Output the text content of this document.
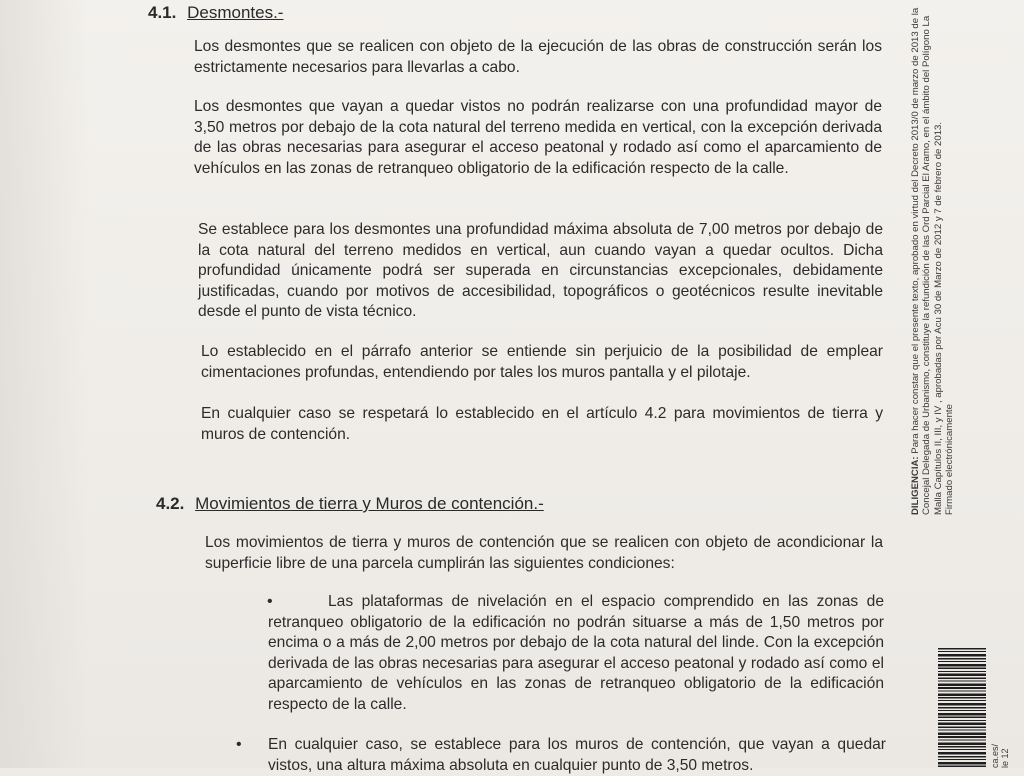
4.1. Desmontes.-
Los desmontes que se realicen con objeto de la ejecución de las obras de construcción serán los estrictamente necesarios para llevarlas a cabo.
Los desmontes que vayan a quedar vistos no podrán realizarse con una profundidad mayor de 3,50 metros por debajo de la cota natural del terreno medida en vertical, con la excepción derivada de las obras necesarias para asegurar el acceso peatonal y rodado así como el aparcamiento de vehículos en las zonas de retranqueo obligatorio de la edificación respecto de la calle.
Se establece para los desmontes una profundidad máxima absoluta de 7,00 metros por debajo de la cota natural del terreno medidos en vertical, aun cuando vayan a quedar ocultos. Dicha profundidad únicamente podrá ser superada en circunstancias excepcionales, debidamente justificadas, cuando por motivos de accesibilidad, topográficos o geotécnicos resulte inevitable desde el punto de vista técnico.
Lo establecido en el párrafo anterior se entiende sin perjuicio de la posibilidad de emplear cimentaciones profundas, entendiendo por tales los muros pantalla y el pilotaje.
En cualquier caso se respetará lo establecido en el artículo 4.2 para movimientos de tierra y muros de contención.
4.2. Movimientos de tierra y Muros de contención.-
Los movimientos de tierra y muros de contención que se realicen con objeto de acondicionar la superficie libre de una parcela cumplirán las siguientes condiciones:
•	Las plataformas de nivelación en el espacio comprendido en las zonas de retranqueo obligatorio de la edificación no podrán situarse a más de 1,50 metros por encima o a más de 2,00 metros por debajo de la cota natural del linde. Con la excepción derivada de las obras necesarias para asegurar el acceso peatonal y rodado así como el aparcamiento de vehículos en las zonas de retranqueo obligatorio de la edificación respecto de la calle.
• En cualquier caso, se establece para los muros de contención, que vayan a quedar vistos, una altura máxima absoluta en cualquier punto de 3,50 metros.
DILIGENCIA: Para hacer constar que el presente texto, aprobado en virtud del Decreto 2013/0 de marzo de 2013 de la Concejal Delegada de Urbanismo, constituye la refundición de las Ord Parcial El Aramo, en el ámbito del Polígono La Malla Capítulos II, III, y IV , aprobadas por Acu 30 de Marzo de 2012 y 7 de febrero de 2013.
Firmado electrónicamente
ca.es/
le 12
